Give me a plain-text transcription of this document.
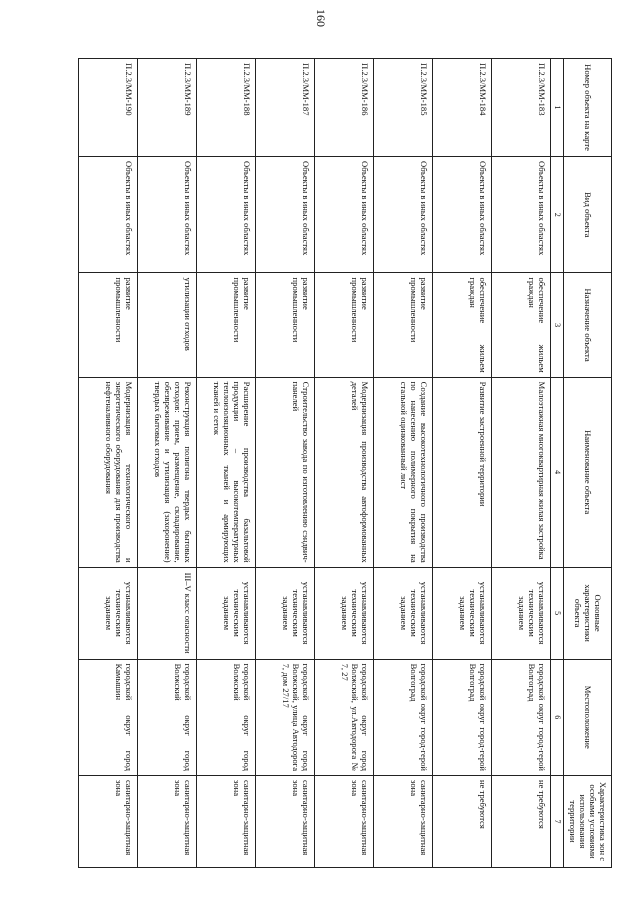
160
Номер объекта на карте	Вид объекта	Назначение объекта	Наименование объекта	Основные характеристики объекта	Местоположение	Характеристика зон с особыми условиями использования территории
1	2	3	4	5	6	7
П.2.3/ММ-183	Объекты в иных областях	обеспечение жильем граждан	Малоэтажная многоквартирная жилая застройка	устанавливаются техническим заданием	городской округ город-герой Волгоград	не требуются
П.2.3/ММ-184	Объекты в иных областях	обеспечение жильем граждан	Развитие застроенной территории	устанавливаются техническим заданием	городской округ город-герой Волгоград	не требуются
П.2.3/ММ-185	Объекты в иных областях	развитие промышленности	Создание высокотехнологичного производства по нанесению полимерного покрытия на стальной оцинкованный лист	устанавливаются техническим заданием	городской округ город-герой Волгоград	санитарно-защитная зона
П.2.3/ММ-186	Объекты в иных областях	развитие промышленности	Модернизация производства автоформованных деталей	устанавливаются техническим заданием	городской округ город Волжский, ул.Автодорога № 7, 27	санитарно-защитная зона
П.2.3/ММ-187	Объекты в иных областях	развитие промышленности	Строительство завода по изготовлению сэндвич-панелей	устанавливаются техническим заданием	городской округ город Волжский, улица Автодорога 7, дом 27/17	санитарно-защитная зона
П.2.3/ММ-188	Объекты в иных областях	развитие промышленности	Расширение производства базальтовой продукции – высокотемпературных теплоизоляционных тканей и армирующих тканей и сеток	устанавливаются техническим заданием	городской округ город Волжский	санитарно-защитная зона
П.2.3/ММ-189	Объекты в иных областях	утилизации отходов	Реконструкция полигона твердых бытовых отходов: прием, размещение, складирование, обезвреживание и утилизация (захоронение) твердых бытовых отходов	III–V класс опасности	городской округ город Волжский	санитарно-защитная зона
П.2.3/ММ-190	Объекты в иных областях	развитие промышленности	Модернизация технологического и энергетического оборудования для производства нефтеналивного оборудования	устанавливаются техническим заданием	городской округ город Камышин	санитарно-защитная зона
